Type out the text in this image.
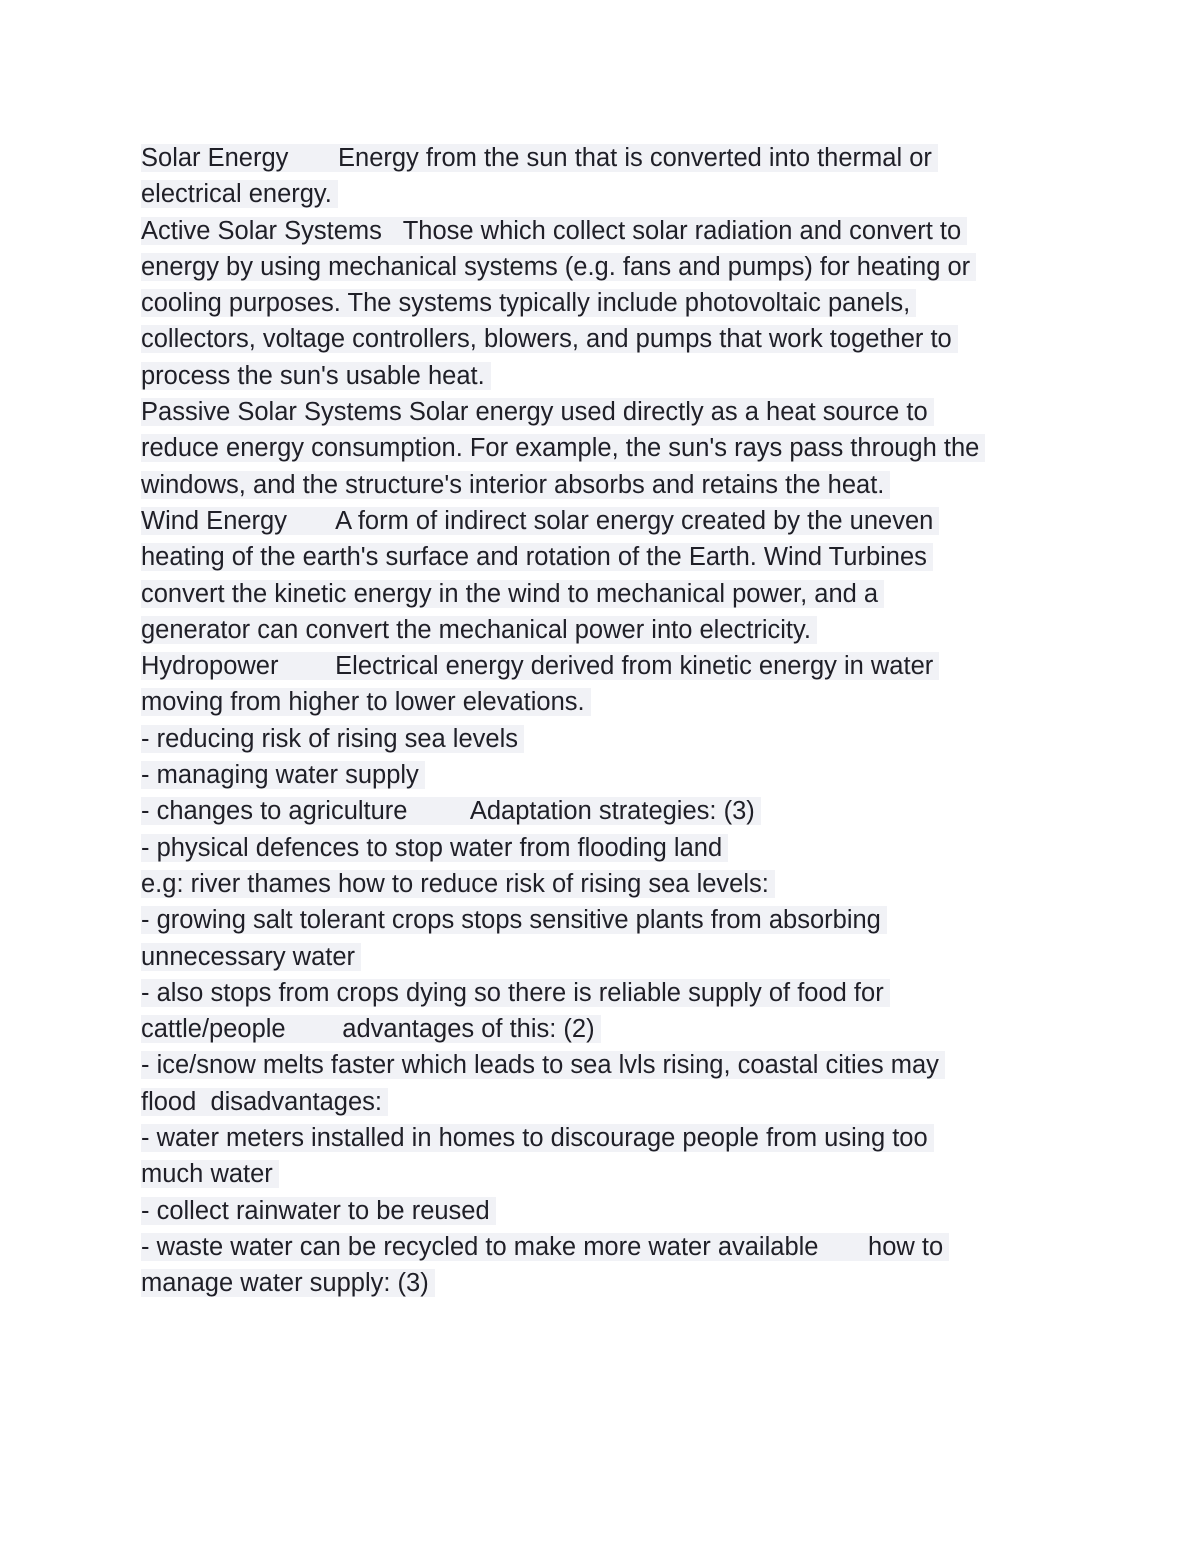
Solar Energy       Energy from the sun that is converted into thermal or
electrical energy.
Active Solar Systems   Those which collect solar radiation and convert to
energy by using mechanical systems (e.g. fans and pumps) for heating or
cooling purposes. The systems typically include photovoltaic panels,
collectors, voltage controllers, blowers, and pumps that work together to
process the sun's usable heat.
Passive Solar Systems Solar energy used directly as a heat source to
reduce energy consumption. For example, the sun's rays pass through the
windows, and the structure's interior absorbs and retains the heat.
Wind Energy       A form of indirect solar energy created by the uneven
heating of the earth's surface and rotation of the Earth. Wind Turbines
convert the kinetic energy in the wind to mechanical power, and a
generator can convert the mechanical power into electricity.
Hydropower        Electrical energy derived from kinetic energy in water
moving from higher to lower elevations.
- reducing risk of rising sea levels
- managing water supply
- changes to agriculture         Adaptation strategies: (3)
- physical defences to stop water from flooding land
e.g: river thames how to reduce risk of rising sea levels:
- growing salt tolerant crops stops sensitive plants from absorbing
unnecessary water
- also stops from crops dying so there is reliable supply of food for
cattle/people        advantages of this: (2)
- ice/snow melts faster which leads to sea lvls rising, coastal cities may
flood  disadvantages:
- water meters installed in homes to discourage people from using too
much water
- collect rainwater to be reused
- waste water can be recycled to make more water available       how to
manage water supply: (3)
